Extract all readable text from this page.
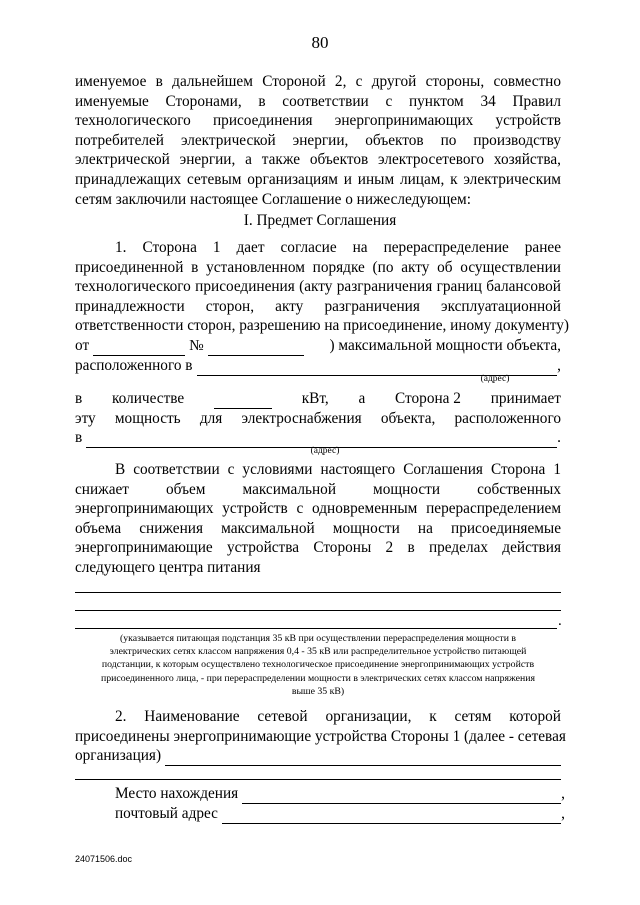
80
именуемое в дальнейшем Стороной 2, с другой стороны, совместно
именуемые Сторонами, в соответствии с пунктом 34 Правил
технологического присоединения энергопринимающих устройств
потребителей электрической энергии, объектов по производству
электрической энергии, а также объектов электросетевого хозяйства,
принадлежащих сетевым организациям и иным лицам, к электрическим
сетям заключили настоящее Соглашение о нижеследующем:
I. Предмет Соглашения
1. Сторона 1 дает согласие на перераспределение ранее
присоединенной в установленном порядке (по акту об осуществлении
технологического присоединения (акту разграничения границ балансовой
принадлежности сторон, акту разграничения эксплуатационной
ответственности сторон, разрешению на присоединение, иному документу)
от	№	) максимальной мощности объекта,
расположенного в	,
(адрес)
в количестве	кВт, а Сторона 2 принимает
эту мощность для электроснабжения объекта, расположенного
в	.
(адрес)
В соответствии с условиями настоящего Соглашения Сторона 1
снижает объем максимальной мощности собственных
энергопринимающих устройств с одновременным перераспределением
объема снижения максимальной мощности на присоединяемые
энергопринимающие устройства Стороны 2 в пределах действия
следующего центра питания
.
(указывается питающая подстанция 35 кВ при осуществлении перераспределения мощности в
электрических сетях классом напряжения 0,4 - 35 кВ или распределительное устройство питающей
подстанции, к которым осуществлено технологическое присоединение энергопринимающих устройств
присоединенного лица, - при перераспределении мощности в электрических сетях классом напряжения
выше 35 кВ)
2. Наименование сетевой организации, к сетям которой
присоединены энергопринимающие устройства Стороны 1 (далее - сетевая
организация)
Место нахождения	,
почтовый адрес	,
24071506.doc
